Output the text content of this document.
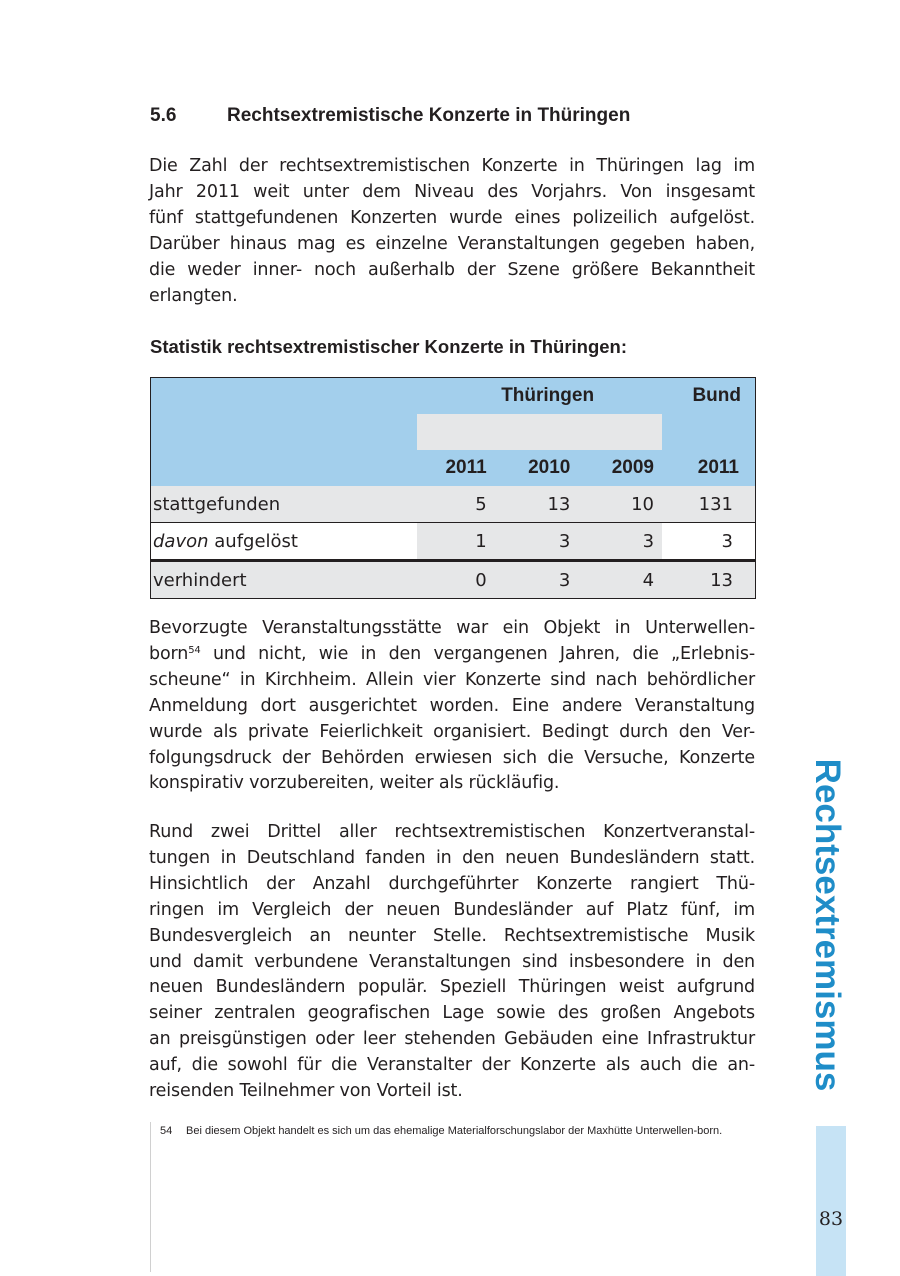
5.6	Rechtsextremistische Konzerte in Thüringen
Die Zahl der rechtsextremistischen Konzerte in Thüringen lag im
Jahr 2011 weit unter dem Niveau des Vorjahrs. Von insgesamt
fünf stattgefundenen Konzerten wurde eines polizeilich aufgelöst.
Darüber hinaus mag es einzelne Veranstaltungen gegeben haben,
die weder inner- noch außerhalb der Szene größere Bekanntheit
erlangten.
Statistik rechtsextremistischer Konzerte in Thüringen:
	Thüringen			Bund

	2011	2010	2009	2011
stattgefunden	5	13	10	131
davon aufgelöst	1	3	3	3
verhindert	0	3	4	13
Bevorzugte Veranstaltungsstätte war ein Objekt in Unterwellen-
born$^{54}$ und nicht, wie in den vergangenen Jahren, die „Erlebnis-
scheune“ in Kirchheim. Allein vier Konzerte sind nach behördlicher
Anmeldung dort ausgerichtet worden. Eine andere Veranstaltung
wurde als private Feierlichkeit organisiert. Bedingt durch den Ver-
folgungsdruck der Behörden erwiesen sich die Versuche, Konzerte
konspirativ vorzubereiten, weiter als rückläufig.
Rund zwei Drittel aller rechtsextremistischen Konzertveranstal-
tungen in Deutschland fanden in den neuen Bundesländern statt.
Hinsichtlich der Anzahl durchgeführter Konzerte rangiert Thü-
ringen im Vergleich der neuen Bundesländer auf Platz fünf, im
Bundesvergleich an neunter Stelle. Rechtsextremistische Musik
und damit verbundene Veranstaltungen sind insbesondere in den
neuen Bundesländern populär. Speziell Thüringen weist aufgrund
seiner zentralen geografischen Lage sowie des großen Angebots
an preisgünstigen oder leer stehenden Gebäuden eine Infrastruktur
auf, die sowohl für die Veranstalter der Konzerte als auch die an-
reisenden Teilnehmer von Vorteil ist.
54 Bei diesem Objekt handelt es sich um das ehemalige Materialforschungslabor der Maxhütte Unterwellen-born.
Rechtsextremismus
83
